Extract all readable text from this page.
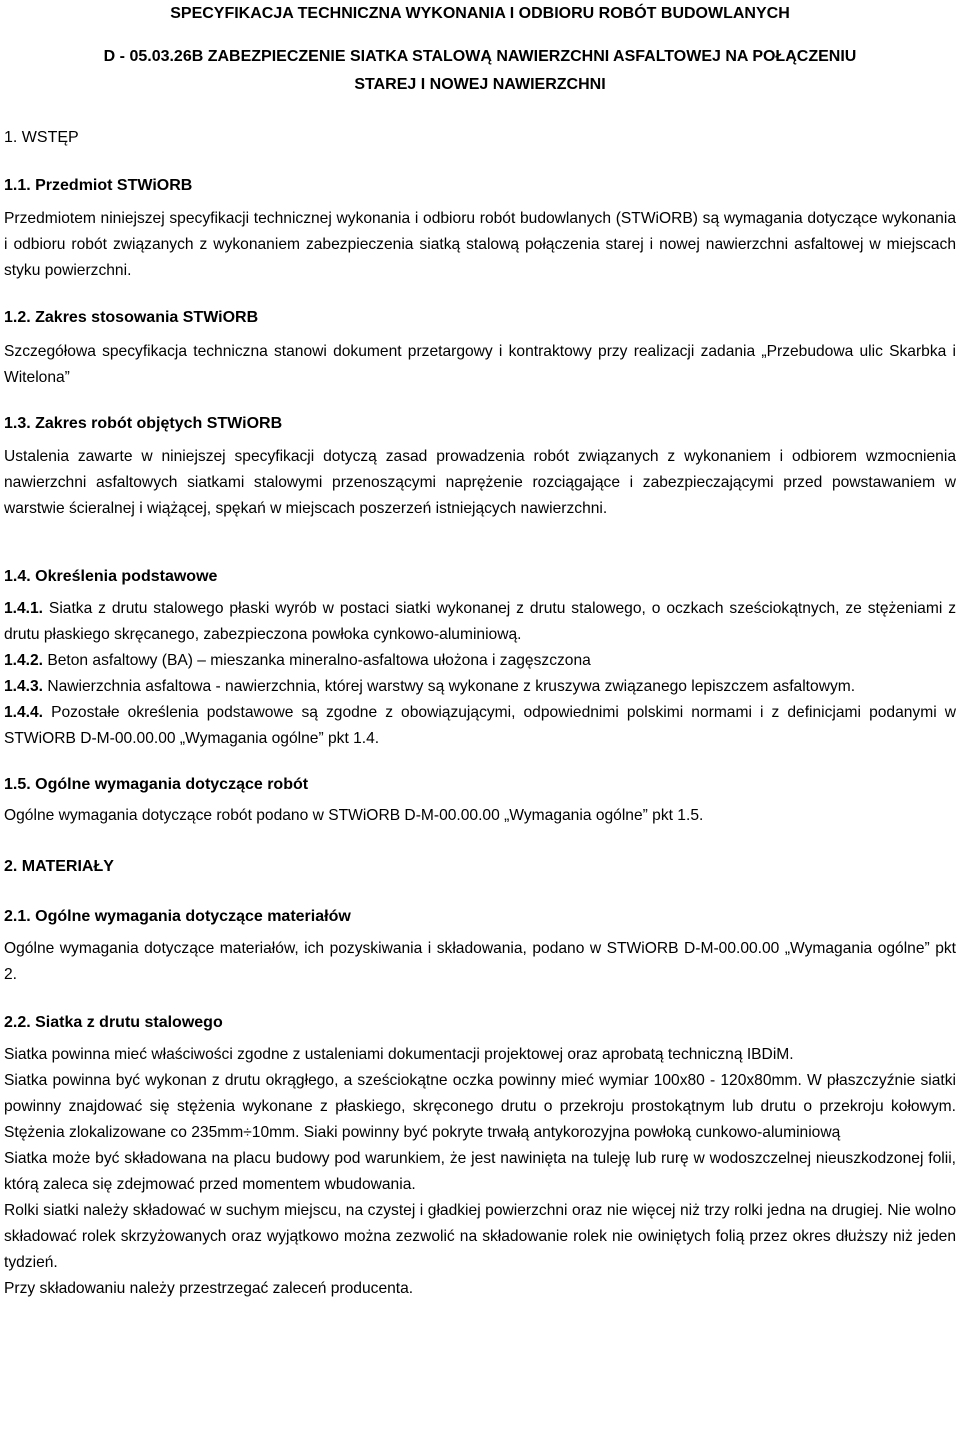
SPECYFIKACJA TECHNICZNA WYKONANIA I ODBIORU ROBÓT BUDOWLANYCH

D - 05.03.26B ZABEZPIECZENIE SIATKA STALOWĄ NAWIERZCHNI ASFALTOWEJ NA POŁĄCZENIU STAREJ I NOWEJ NAWIERZCHNI

1. WSTĘP

1.1. Przedmiot STWiORB

Przedmiotem niniejszej specyfikacji technicznej wykonania i odbioru robót budowlanych (STWiORB) są wymagania dotyczące wykonania i odbioru robót związanych z wykonaniem zabezpieczenia siatką stalową połączenia starej i nowej nawierzchni asfaltowej w miejscach styku powierzchni.

1.2. Zakres stosowania STWiORB

Szczegółowa specyfikacja techniczna stanowi dokument przetargowy i kontraktowy przy realizacji zadania „Przebudowa ulic Skarbka i Witelona”

1.3. Zakres robót objętych STWiORB

Ustalenia zawarte w niniejszej specyfikacji dotyczą zasad prowadzenia robót związanych z wykonaniem i odbiorem wzmocnienia nawierzchni asfaltowych siatkami stalowymi przenoszącymi naprężenie rozciągające i zabezpieczającymi przed powstawaniem w warstwie ścieralnej i wiążącej, spękań w miejscach poszerzeń istniejących nawierzchni.

1.4. Określenia podstawowe

1.4.1. Siatka z drutu stalowego płaski wyrób w postaci siatki wykonanej z drutu stalowego, o oczkach sześciokątnych, ze stężeniami z drutu płaskiego skręcanego, zabezpieczona powłoka cynkowo-aluminiową.

1.4.2. Beton asfaltowy (BA) – mieszanka mineralno-asfaltowa ułożona i zagęszczona

1.4.3. Nawierzchnia asfaltowa - nawierzchnia, której warstwy są wykonane z kruszywa związanego lepiszczem asfaltowym.

1.4.4. Pozostałe określenia podstawowe są zgodne z obowiązującymi, odpowiednimi polskimi normami i z definicjami podanymi w STWiORB D-M-00.00.00 „Wymagania ogólne” pkt 1.4.

1.5. Ogólne wymagania dotyczące robót

Ogólne wymagania dotyczące robót podano w STWiORB D-M-00.00.00 „Wymagania ogólne” pkt 1.5.

2. MATERIAŁY

2.1. Ogólne wymagania dotyczące materiałów

Ogólne wymagania dotyczące materiałów, ich pozyskiwania i składowania, podano w STWiORB D-M-00.00.00 „Wymagania ogólne” pkt 2.

2.2. Siatka z drutu stalowego

Siatka powinna mieć właściwości zgodne z ustaleniami dokumentacji projektowej oraz aprobatą techniczną IBDiM.

Siatka powinna być wykonan z drutu okrągłego, a sześciokątne oczka powinny mieć wymiar 100x80 - 120x80mm. W płaszczyźnie siatki powinny znajdować się stężenia wykonane z płaskiego, skręconego drutu o przekroju prostokątnym lub drutu o przekroju kołowym. Stężenia zlokalizowane co 235mm÷10mm. Siaki powinny być pokryte trwałą antykorozyjna powłoką cunkowo-aluminiową

Siatka może być składowana na placu budowy pod warunkiem, że jest nawinięta na tuleję lub rurę w wodoszczelnej nieuszkodzonej folii, którą zaleca się zdejmować przed momentem wbudowania.

Rolki siatki należy składować w suchym miejscu, na czystej i gładkiej powierzchni oraz nie więcej niż trzy rolki jedna na drugiej. Nie wolno składować rolek skrzyżowanych oraz wyjątkowo można zezwolić na składowanie rolek nie owiniętych folią przez okres dłuższy niż jeden tydzień.

Przy składowaniu należy przestrzegać zaleceń producenta.
